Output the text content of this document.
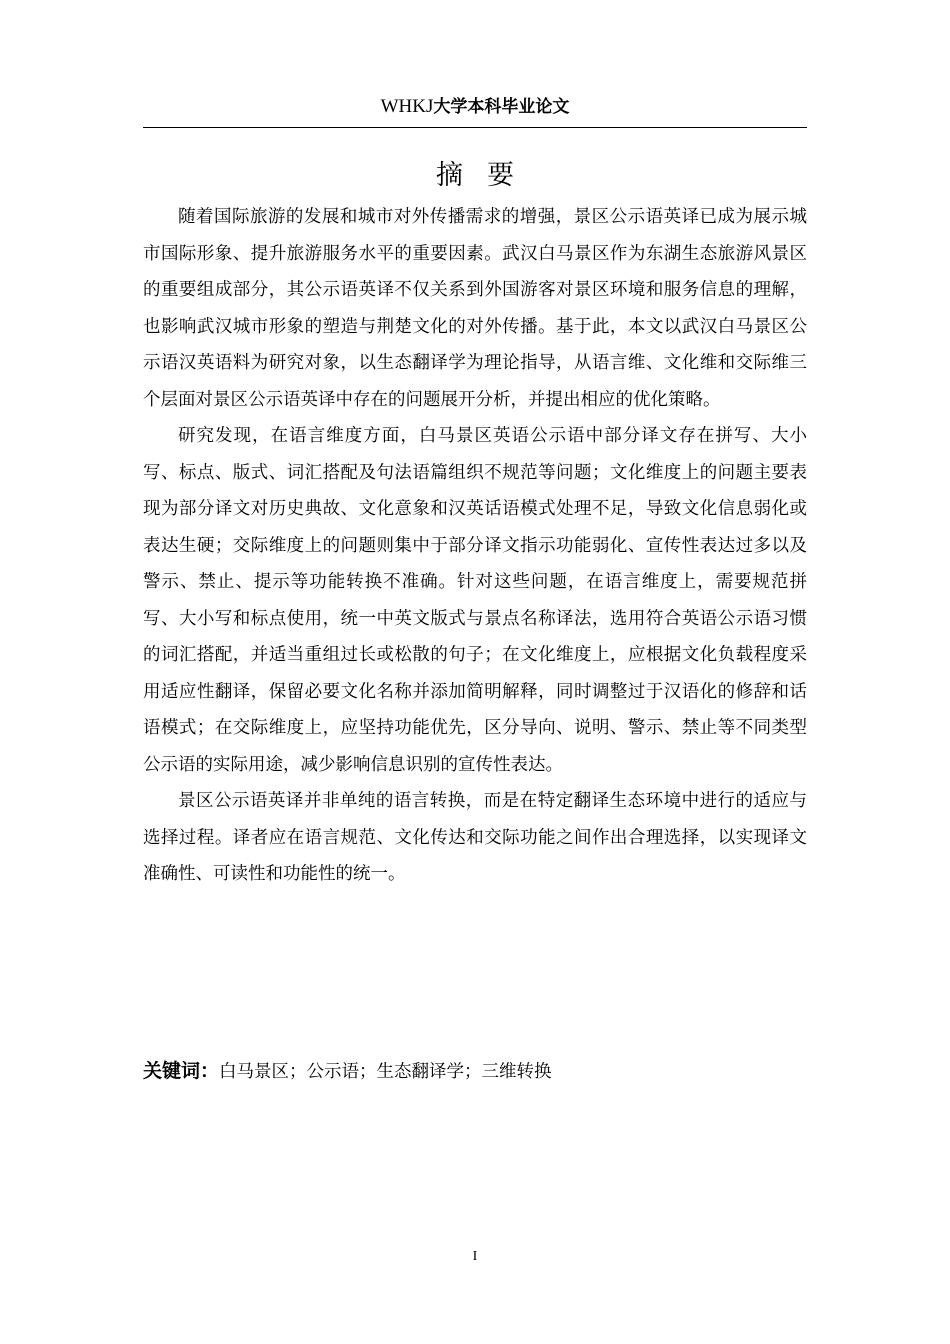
WHKJ大学本科毕业论文
摘要

随着国际旅游的发展和城市对外传播需求的增强，景区公示语英译已成为展示城市国际形象、提升旅游服务水平的重要因素。武汉白马景区作为东湖生态旅游风景区的重要组成部分，其公示语英译不仅关系到外国游客对景区环境和服务信息的理解，也影响武汉城市形象的塑造与荆楚文化的对外传播。基于此，本文以武汉白马景区公示语汉英语料为研究对象，以生态翻译学为理论指导，从语言维、文化维和交际维三个层面对景区公示语英译中存在的问题展开分析，并提出相应的优化策略。

研究发现，在语言维度方面，白马景区英语公示语中部分译文存在拼写、大小写、标点、版式、词汇搭配及句法语篇组织不规范等问题；文化维度上的问题主要表现为部分译文对历史典故、文化意象和汉英话语模式处理不足，导致文化信息弱化或表达生硬；交际维度上的问题则集中于部分译文指示功能弱化、宣传性表达过多以及警示、禁止、提示等功能转换不准确。针对这些问题，在语言维度上，需要规范拼写、大小写和标点使用，统一中英文版式与景点名称译法，选用符合英语公示语习惯的词汇搭配，并适当重组过长或松散的句子；在文化维度上，应根据文化负载程度采用适应性翻译，保留必要文化名称并添加简明解释，同时调整过于汉语化的修辞和话语模式；在交际维度上，应坚持功能优先，区分导向、说明、警示、禁止等不同类型公示语的实际用途，减少影响信息识别的宣传性表达。

景区公示语英译并非单纯的语言转换，而是在特定翻译生态环境中进行的适应与选择过程。译者应在语言规范、文化传达和交际功能之间作出合理选择，以实现译文准确性、可读性和功能性的统一。

关键词：白马景区；公示语；生态翻译学；三维转换
I
